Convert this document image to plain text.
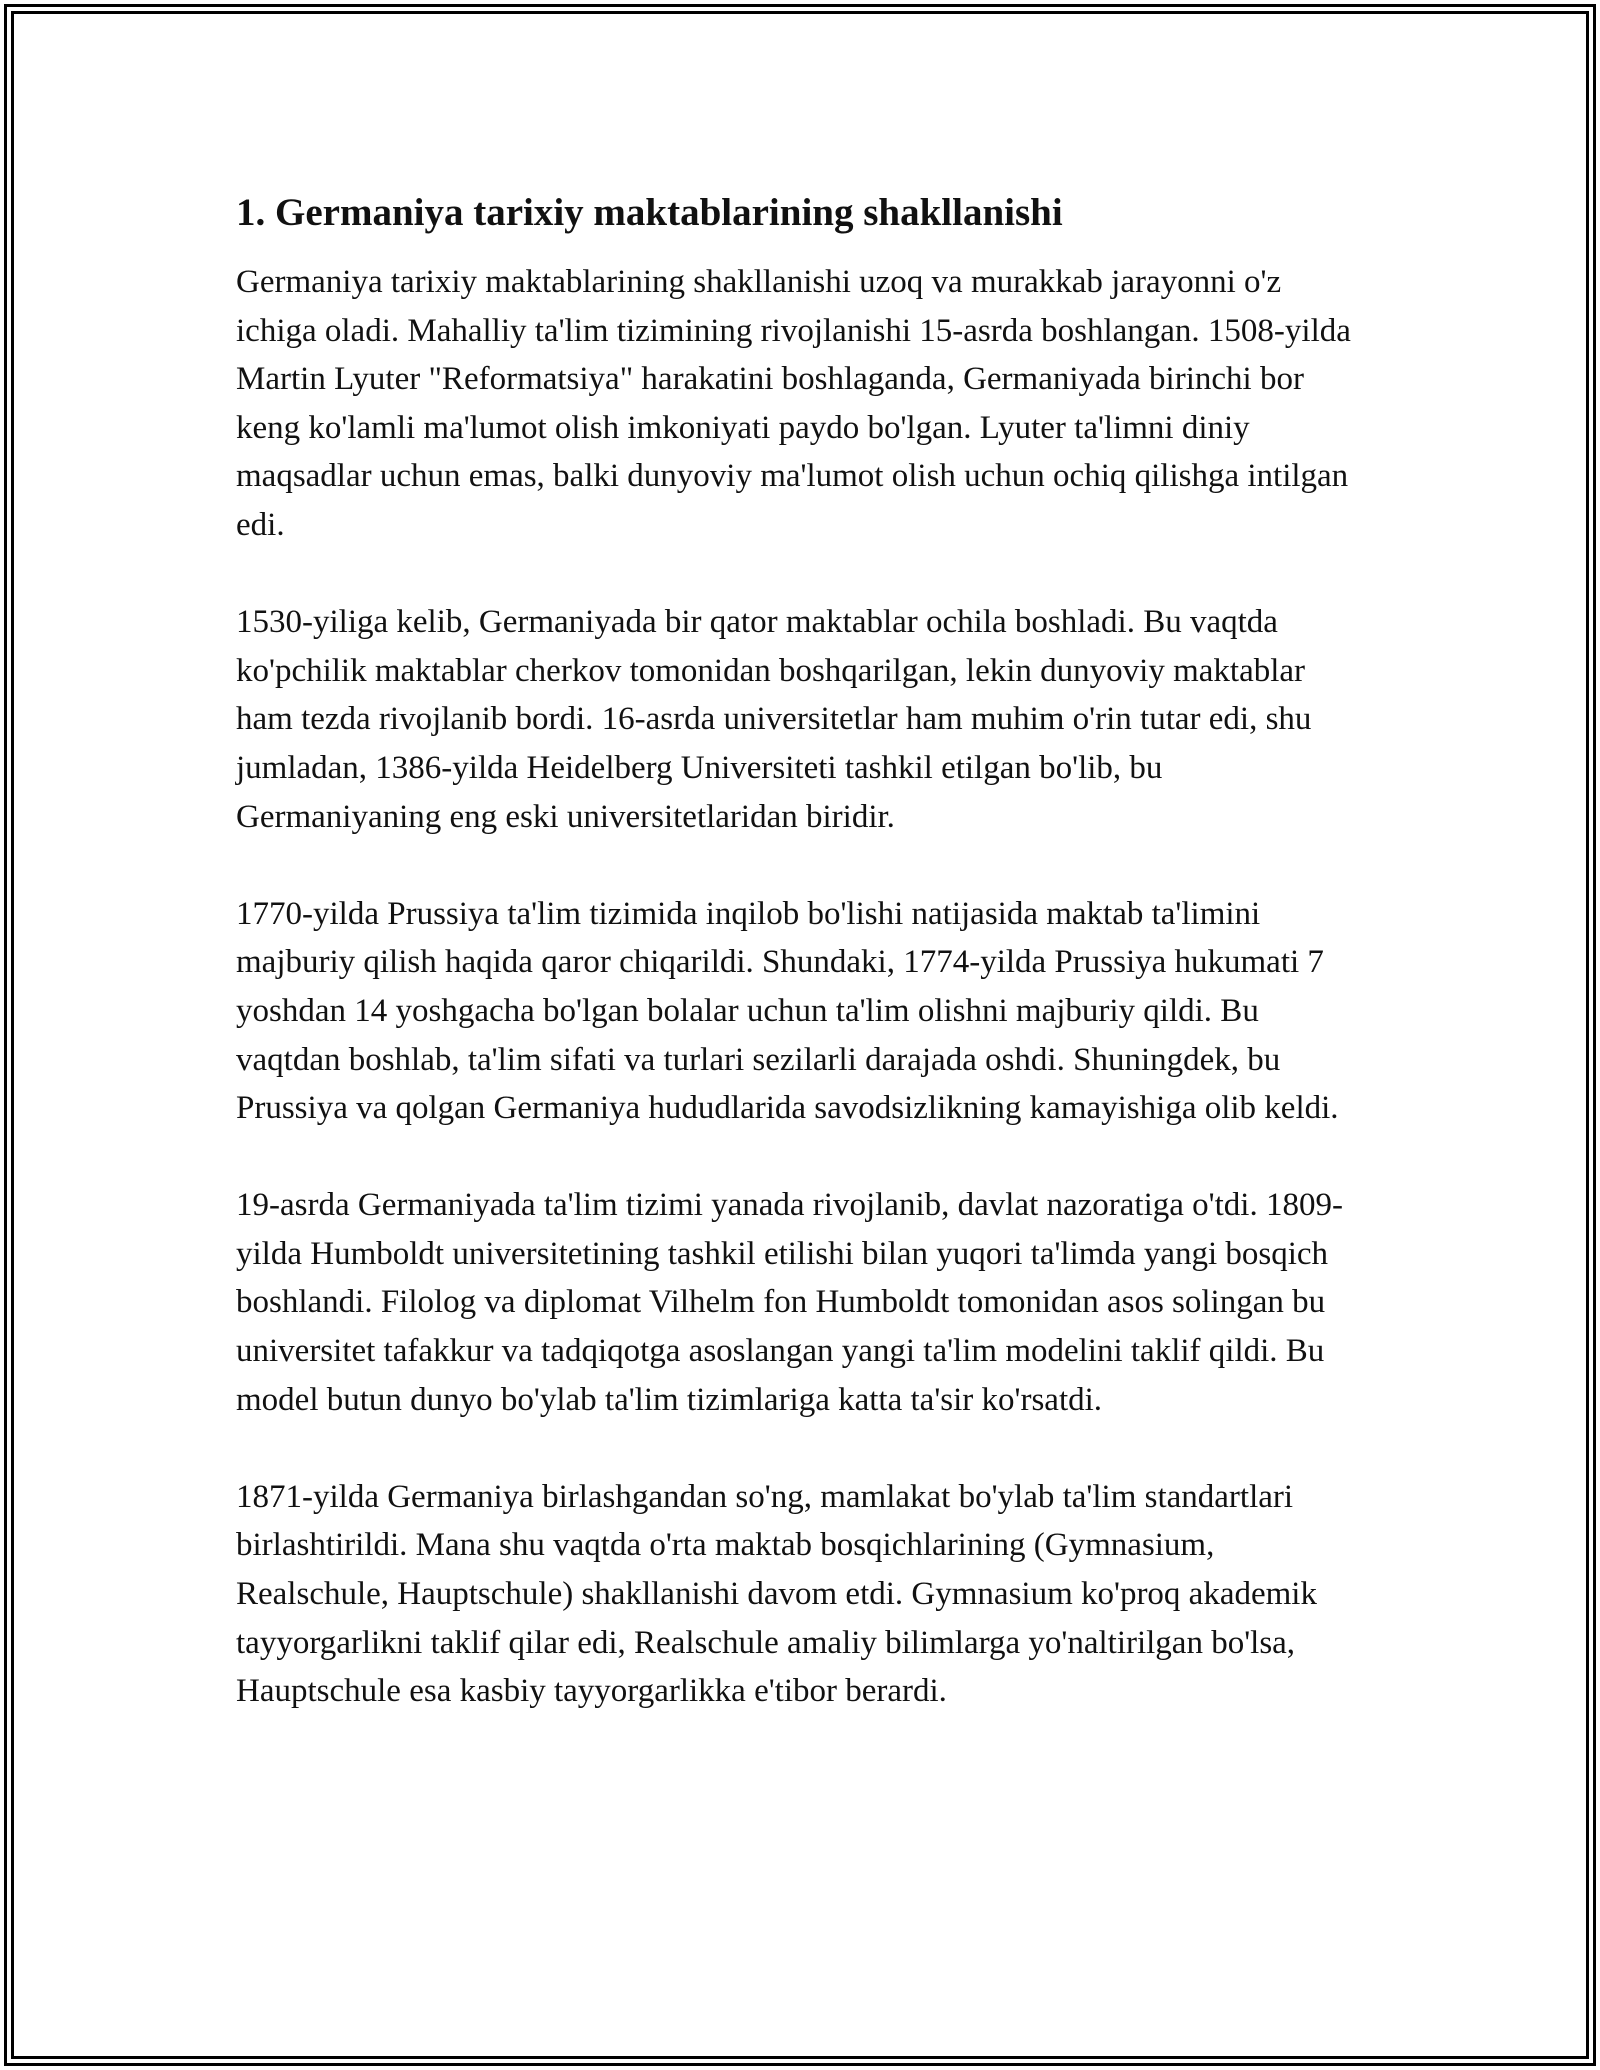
1. Germaniya tarixiy maktablarining shakllanishi

Germaniya tarixiy maktablarining shakllanishi uzoq va murakkab jarayonni o'z ichiga oladi. Mahalliy ta'lim tizimining rivojlanishi 15-asrda boshlangan. 1508-yilda Martin Lyuter "Reformatsiya" harakatini boshlaganda, Germaniyada birinchi bor keng ko'lamli ma'lumot olish imkoniyati paydo bo'lgan. Lyuter ta'limni diniy maqsadlar uchun emas, balki dunyoviy ma'lumot olish uchun ochiq qilishga intilgan edi.

1530-yiliga kelib, Germaniyada bir qator maktablar ochila boshladi. Bu vaqtda ko'pchilik maktablar cherkov tomonidan boshqarilgan, lekin dunyoviy maktablar ham tezda rivojlanib bordi. 16-asrda universitetlar ham muhim o'rin tutar edi, shu jumladan, 1386-yilda Heidelberg Universiteti tashkil etilgan bo'lib, bu Germaniyaning eng eski universitetlaridan biridir.

1770-yilda Prussiya ta'lim tizimida inqilob bo'lishi natijasida maktab ta'limini majburiy qilish haqida qaror chiqarildi. Shundaki, 1774-yilda Prussiya hukumati 7 yoshdan 14 yoshgacha bo'lgan bolalar uchun ta'lim olishni majburiy qildi. Bu vaqtdan boshlab, ta'lim sifati va turlari sezilarli darajada oshdi. Shuningdek, bu Prussiya va qolgan Germaniya hududlarida savodsizlikning kamayishiga olib keldi.

19-asrda Germaniyada ta'lim tizimi yanada rivojlanib, davlat nazoratiga o'tdi. 1809-yilda Humboldt universitetining tashkil etilishi bilan yuqori ta'limda yangi bosqich boshlandi. Filolog va diplomat Vilhelm fon Humboldt tomonidan asos solingan bu universitet tafakkur va tadqiqotga asoslangan yangi ta'lim modelini taklif qildi. Bu model butun dunyo bo'ylab ta'lim tizimlariga katta ta'sir ko'rsatdi.

1871-yilda Germaniya birlashgandan so'ng, mamlakat bo'ylab ta'lim standartlari birlashtirildi. Mana shu vaqtda o'rta maktab bosqichlarining (Gymnasium, Realschule, Hauptschule) shakllanishi davom etdi. Gymnasium ko'proq akademik tayyorgarlikni taklif qilar edi, Realschule amaliy bilimlarga yo'naltirilgan bo'lsa, Hauptschule esa kasbiy tayyorgarlikka e'tibor berardi.
